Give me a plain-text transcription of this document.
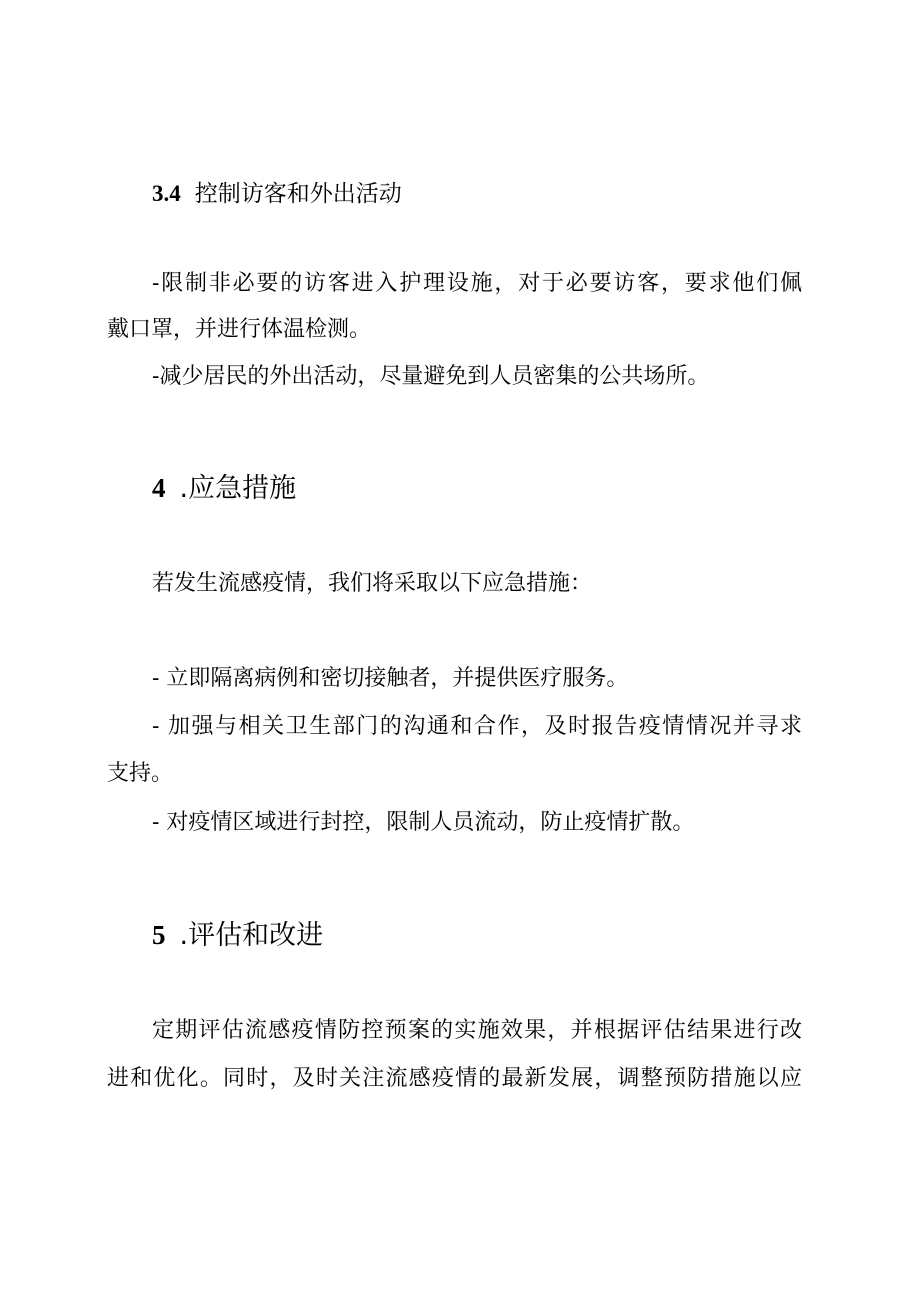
3.4 控制访客和外出活动
-限制非必要的访客进入护理设施，对于必要访客，要求他们佩
戴口罩，并进行体温检测。
-减少居民的外出活动，尽量避免到人员密集的公共场所。
4 .应急措施
若发生流感疫情，我们将采取以下应急措施：
- 立即隔离病例和密切接触者，并提供医疗服务。
- 加强与相关卫生部门的沟通和合作，及时报告疫情情况并寻求
支持。
- 对疫情区域进行封控，限制人员流动，防止疫情扩散。
5 .评估和改进
定期评估流感疫情防控预案的实施效果，并根据评估结果进行改
进和优化。同时，及时关注流感疫情的最新发展，调整预防措施以应
